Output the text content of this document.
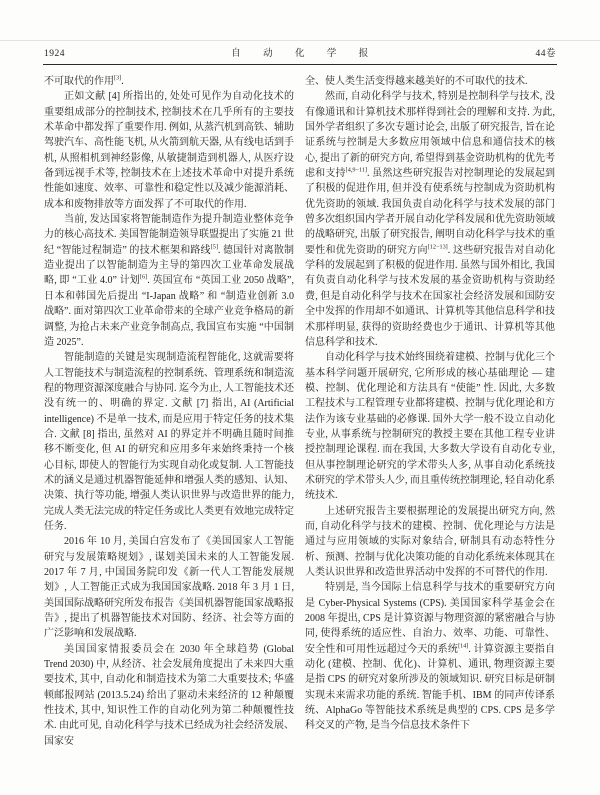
1924	自 动 化 学 报	44卷

不可取代的作用[3].

正如文献 [4] 所指出的, 处处可见作为自动化技术的重要组成部分的控制技术, 控制技术在几乎所有的主要技术革命中都发挥了重要作用. 例如, 从蒸汽机到高铁、辅助驾驶汽车、高性能飞机, 从火箭到航天器, 从有线电话到手机, 从照相机到神经影像, 从敏捷制造到机器人, 从医疗设备到远视手术等, 控制技术在上述技术革命中对提升系统性能如速度、效率、可靠性和稳定性以及减少能源消耗、成本和废物排放等方面发挥了不可取代的作用.

当前, 发达国家将智能制造作为提升制造业整体竞争力的核心高技术. 美国智能制造领导联盟提出了实施 21 世纪 “智能过程制造” 的技术框架和路线[5]. 德国针对离散制造业提出了以智能制造为主导的第四次工业革命发展战略, 即 “工业 4.0” 计划[6]. 英国宣布 “英国工业 2050 战略”, 日本和韩国先后提出 “I-Japan 战略” 和 “制造业创新 3.0 战略”. 面对第四次工业革命带来的全球产业竞争格局的新调整, 为抢占未来产业竞争制高点, 我国宣布实施 “中国制造 2025”.

智能制造的关键是实现制造流程智能化, 这就需要将人工智能技术与制造流程的控制系统、管理系统和制造流程的物理资源深度融合与协同. 迄今为止, 人工智能技术还没有统一的、明确的界定. 文献 [7] 指出, AI (Artificial intelligence) 不是单一技术, 而是应用于特定任务的技术集合. 文献 [8] 指出, 虽然对 AI 的界定并不明确且随时间推移不断变化, 但 AI 的研究和应用多年来始终秉持一个核心目标, 即使人的智能行为实现自动化或复制. 人工智能技术的涵义是通过机器智能延伸和增强人类的感知、认知、决策、执行等功能, 增强人类认识世界与改造世界的能力, 完成人类无法完成的特定任务或比人类更有效地完成特定任务.

2016 年 10 月, 美国白宫发布了《美国国家人工智能研究与发展策略规划》, 谋划美国未来的人工智能发展. 2017 年 7 月, 中国国务院印发《新一代人工智能发展规划》, 人工智能正式成为我国国家战略. 2018 年 3 月 1 日, 美国国际战略研究所发布报告《美国机器智能国家战略报告》, 提出了机器智能技术对国防、经济、社会等方面的广泛影响和发展战略.

美国国家情报委员会在 2030 年全球趋势 (Global Trend 2030) 中, 从经济、社会发展角度提出了未来四大重要技术, 其中, 自动化和制造技术为第二大重要技术; 华盛顿邮报网站 (2013.5.24) 给出了驱动未来经济的 12 种颠覆性技术, 其中, 知识性工作的自动化列为第二种颠覆性技术. 由此可见, 自动化科学与技术已经成为社会经济发展、国家安

全、使人类生活变得越来越美好的不可取代的技术.

然而, 自动化科学与技术, 特别是控制科学与技术, 没有像通讯和计算机技术那样得到社会的理解和支持. 为此, 国外学者组织了多次专题讨论会, 出版了研究报告, 旨在论证系统与控制是大多数应用领域中信息和通信技术的核心, 提出了新的研究方向, 希望得到基金资助机构的优先考虑和支持[4,9−11]. 虽然这些研究报告对控制理论的发展起到了积极的促进作用, 但并没有使系统与控制成为资助机构优先资助的领域. 我国负责自动化科学与技术发展的部门曾多次组织国内学者开展自动化学科发展和优先资助领域的战略研究, 出版了研究报告, 阐明自动化科学与技术的重要性和优先资助的研究方向[12−13]. 这些研究报告对自动化学科的发展起到了积极的促进作用. 虽然与国外相比, 我国有负责自动化科学与技术发展的基金资助机构与资助经费, 但是自动化科学与技术在国家社会经济发展和国防安全中发挥的作用却不如通讯、计算机等其他信息科学和技术那样明显, 获得的资助经费也少于通讯、计算机等其他信息科学和技术.

自动化科学与技术始终围绕着建模、控制与优化三个基本科学问题开展研究, 它所形成的核心基础理论 — 建模、控制、优化理论和方法具有 “使能” 性. 因此, 大多数工程技术与工程管理专业都将建模、控制与优化理论和方法作为该专业基础的必修课. 国外大学一般不设立自动化专业, 从事系统与控制研究的教授主要在其他工程专业讲授控制理论课程. 而在我国, 大多数大学设有自动化专业, 但从事控制理论研究的学术带头人多, 从事自动化系统技术研究的学术带头人少, 而且重传统控制理论, 轻自动化系统技术.

上述研究报告主要根据理论的发展提出研究方向, 然而, 自动化科学与技术的建模、控制、优化理论与方法是通过与应用领域的实际对象结合, 研制具有动态特性分析、预测、控制与优化决策功能的自动化系统来体现其在人类认识世界和改造世界活动中发挥的不可替代的作用.

特别是, 当今国际上信息科学与技术的重要研究方向是 Cyber-Physical Systems (CPS). 美国国家科学基金会在 2008 年提出, CPS 是计算资源与物理资源的紧密融合与协同, 使得系统的适应性、自治力、效率、功能、可靠性、安全性和可用性远超过今天的系统[14]. 计算资源主要指自动化 (建模、控制、优化)、计算机、通讯, 物理资源主要是指 CPS 的研究对象所涉及的领域知识. 研究目标是研制实现未来需求功能的系统. 智能手机、IBM 的同声传译系统、AlphaGo 等智能技术系统是典型的 CPS. CPS 是多学科交叉的产物, 是当今信息技术条件下
